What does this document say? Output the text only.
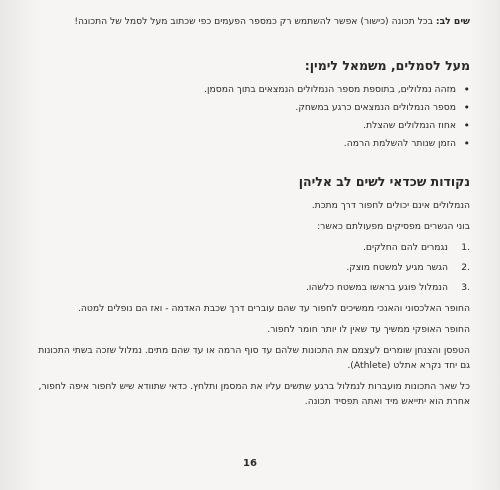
שים לב: בכל תכונה (כישור) אפשר להשתמש רק כמספר הפעמים כפי שכתוב מעל לסמל של התכונה!

מעל לסמלים, משמאל לימין:
• מזהה נמלולים, בתוספת מספר הנמלולים הנמצאים בתוך המסמן.
• מספר הנמלולים הנמצאים כרגע במשחק.
• אחוז הנמלולים שהצלת.
• הזמן שנותר להשלמת הרמה.
נקודות שכדאי לשים לב אליהן

הנמלולים אינם יכולים לחפור דרך מתכת.

בוני הגשרים מפסיקים מפעולתם כאשר:

.1
נגמרים להם החלקים.
.2
הגשר מגיע למשטח מוצק.
.3
הנמלול פוגע בראשו במשטח כלשהו.

החופר האלכסוני והאנכי ממשיכים לחפור עד שהם עוברים דרך שכבת האדמה - ואז הם נופלים למטה.

החופר האופקי ממשיך עד שאין לו יותר חומר לחפור.

הטפסן והצנחן שומרים לעצמם את התכונות שלהם עד סוף הרמה או עד שהם מתים. נמלול שזכה בשתי התכונות גם יחד נקרא אתלט (Athlete).

כל שאר התכונות מועברות לנמלול ברגע שתשים עליו את המסמן ותלחץ. כדאי שתוודא שיש לחפור איפה לחפור, אחרת הוא יתייאש מיד ואתה תפסיד תכונה.

16
